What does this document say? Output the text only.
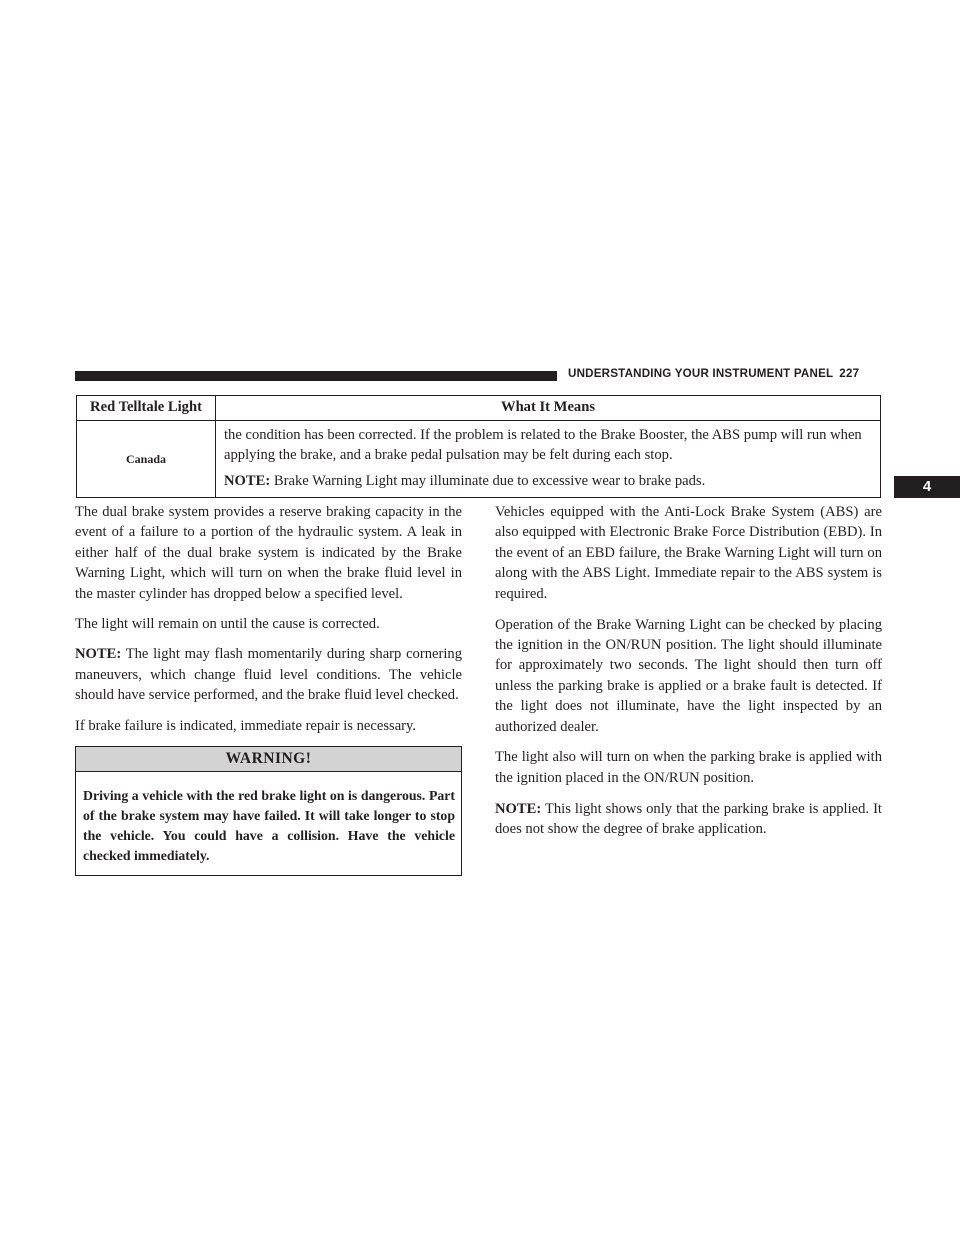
UNDERSTANDING YOUR INSTRUMENT PANEL 227
4
Red Telltale Light	What It Means
Canada	the condition has been corrected. If the problem is related to the Brake Booster, the ABS pump will run when applying the brake, and a brake pedal pulsation may be felt during each stop.

NOTE: Brake Warning Light may illuminate due to excessive wear to brake pads.

The dual brake system provides a reserve braking capacity in the event of a failure to a portion of the hydraulic system. A leak in either half of the dual brake system is indicated by the Brake Warning Light, which will turn on when the brake fluid level in the master cylinder has dropped below a specified level.

The light will remain on until the cause is corrected.

NOTE: The light may flash momentarily during sharp cornering maneuvers, which change fluid level conditions. The vehicle should have service performed, and the brake fluid level checked.

If brake failure is indicated, immediate repair is necessary.

WARNING!
Driving a vehicle with the red brake light on is dangerous. Part of the brake system may have failed. It will take longer to stop the vehicle. You could have a collision. Have the vehicle checked immediately.

Vehicles equipped with the Anti-Lock Brake System (ABS) are also equipped with Electronic Brake Force Distribution (EBD). In the event of an EBD failure, the Brake Warning Light will turn on along with the ABS Light. Immediate repair to the ABS system is required.

Operation of the Brake Warning Light can be checked by placing the ignition in the ON/RUN position. The light should illuminate for approximately two seconds. The light should then turn off unless the parking brake is applied or a brake fault is detected. If the light does not illuminate, have the light inspected by an authorized dealer.

The light also will turn on when the parking brake is applied with the ignition placed in the ON/RUN position.

NOTE: This light shows only that the parking brake is applied. It does not show the degree of brake application.
